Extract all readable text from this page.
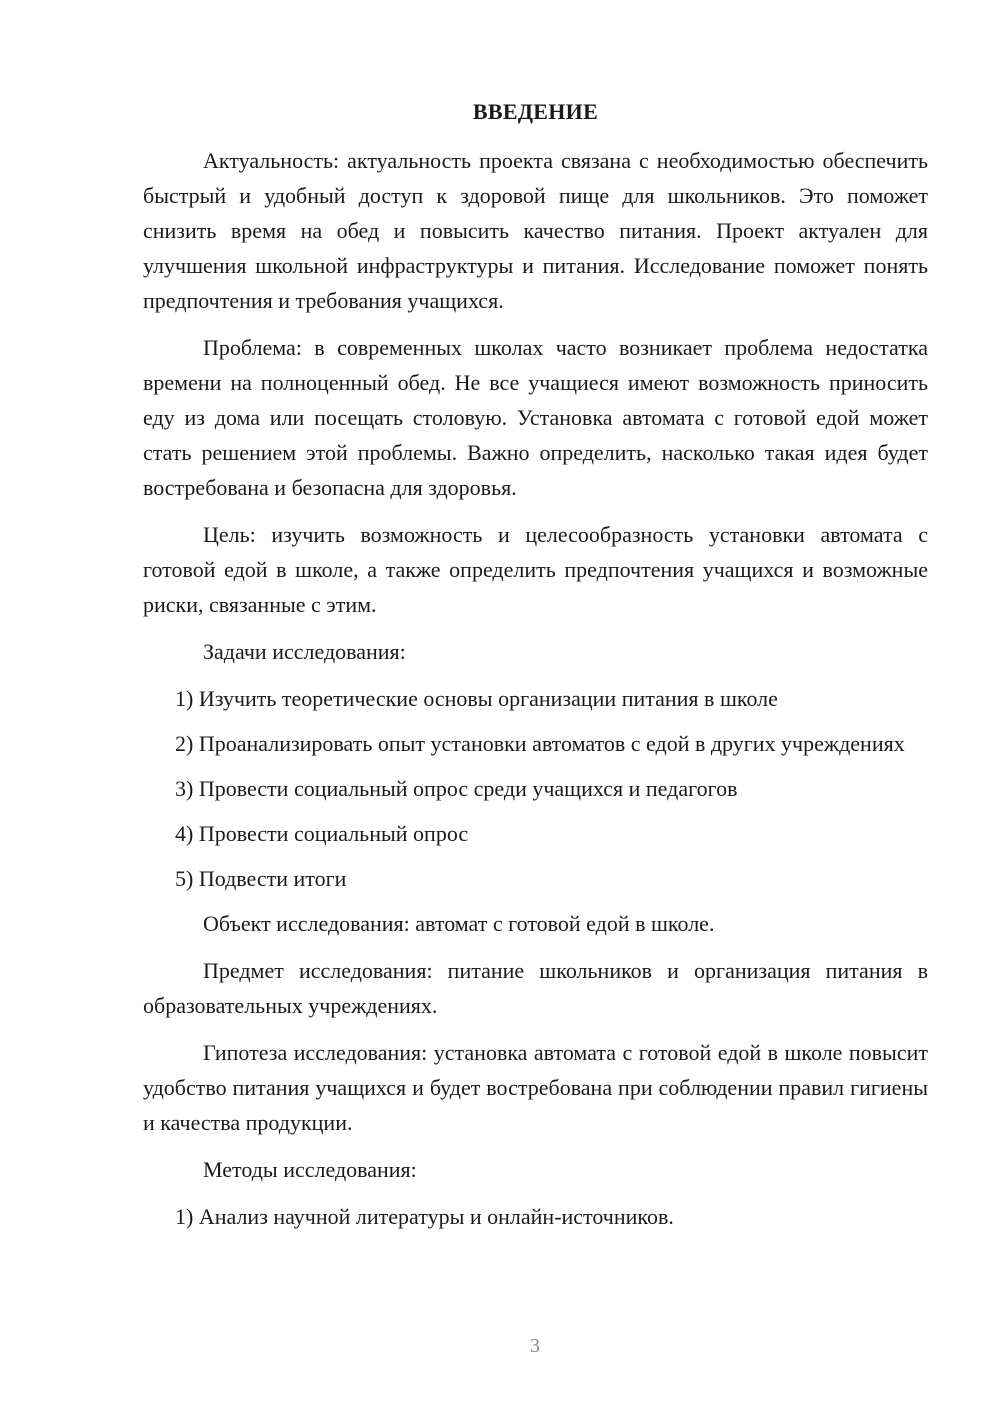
ВВЕДЕНИЕ

Актуальность: актуальность проекта связана с необходимостью обеспечить быстрый и удобный доступ к здоровой пище для школьников. Это поможет снизить время на обед и повысить качество питания. Проект актуален для улучшения школьной инфраструктуры и питания. Исследование поможет понять предпочтения и требования учащихся.

Проблема: в современных школах часто возникает проблема недостатка времени на полноценный обед. Не все учащиеся имеют возможность приносить еду из дома или посещать столовую. Установка автомата с готовой едой может стать решением этой проблемы. Важно определить, насколько такая идея будет востребована и безопасна для здоровья.

Цель: изучить возможность и целесообразность установки автомата с готовой едой в школе, а также определить предпочтения учащихся и возможные риски, связанные с этим.

Задачи исследования:

1) Изучить теоретические основы организации питания в школе

2) Проанализировать опыт установки автоматов с едой в других учреждениях

3) Провести социальный опрос среди учащихся и педагогов

4) Провести социальный опрос

5) Подвести итоги

Объект исследования: автомат с готовой едой в школе.

Предмет исследования: питание школьников и организация питания в образовательных учреждениях.

Гипотеза исследования: установка автомата с готовой едой в школе повысит удобство питания учащихся и будет востребована при соблюдении правил гигиены и качества продукции.

Методы исследования:

1) Анализ научной литературы и онлайн-источников.

3
